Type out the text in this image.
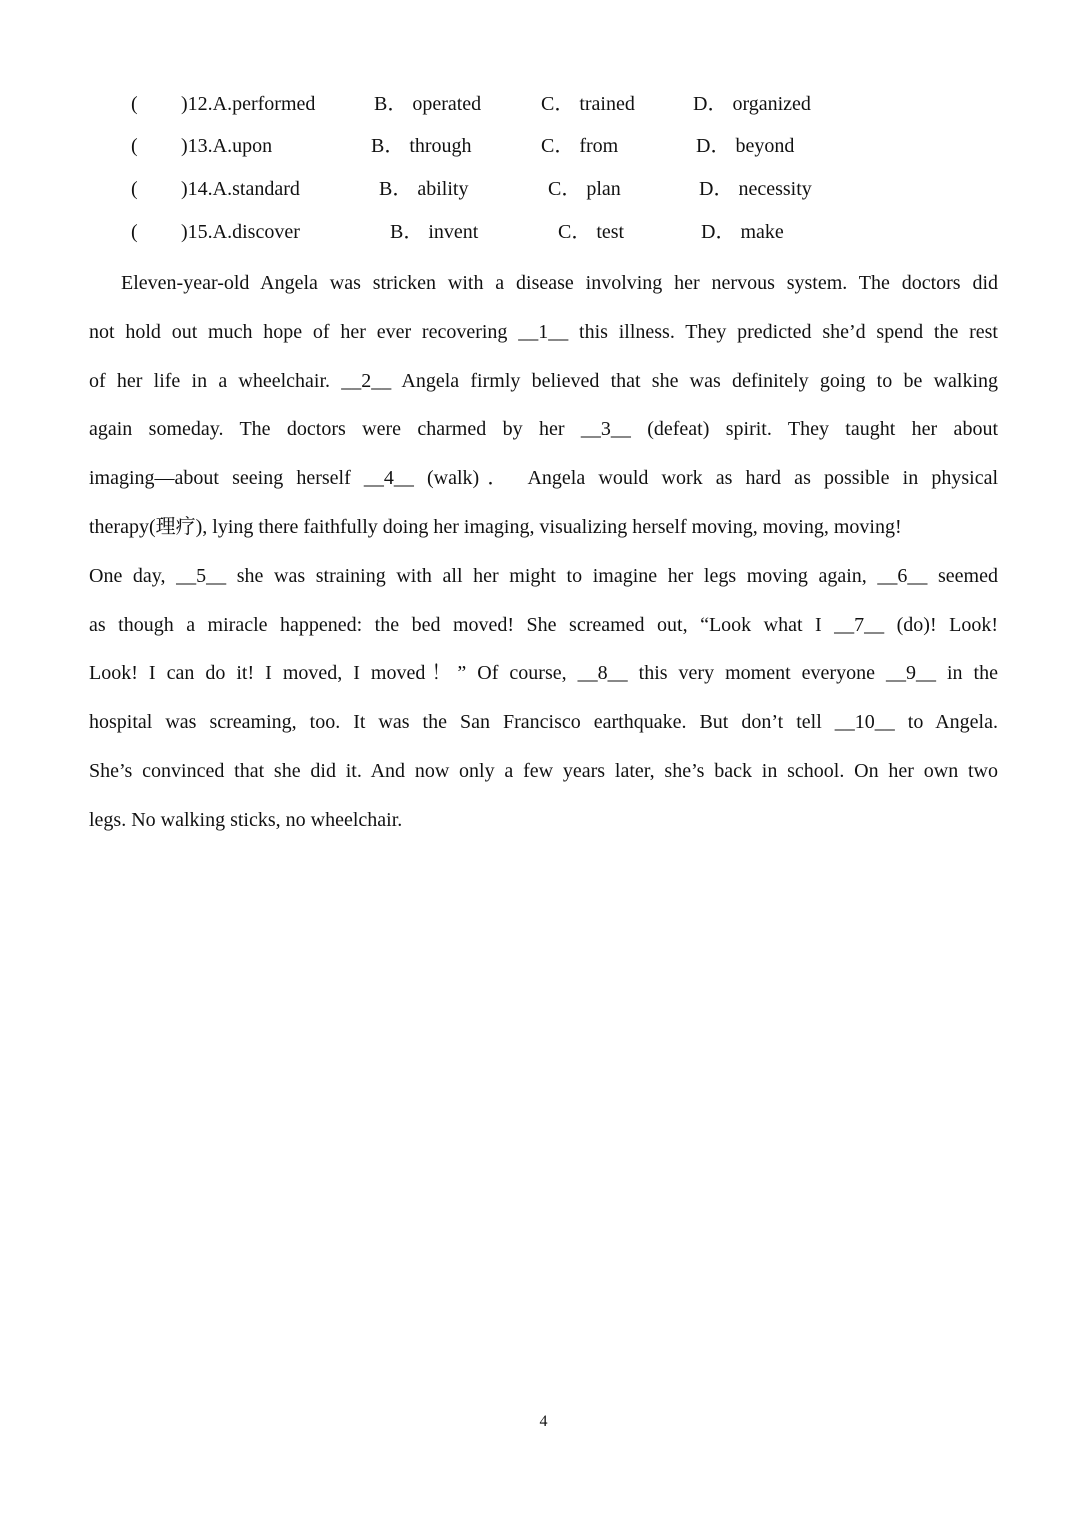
( )12.A.performed	B． operated	C． trained	D． organized
( )13.A.upon	B． through	C． from	D． beyond
( )14.A.standard	B． ability	C． plan	D． necessity
( )15.A.discover	B． invent	C． test	D． make
Eleven-year-old Angela was stricken with a disease involving her nervous system. The doctors did
not hold out much hope of her ever recovering __1__ this illness. They predicted she’d spend the rest
of her life in a wheelchair. __2__ Angela firmly believed that she was definitely going to be walking
again someday. The doctors were charmed by her __3__ (defeat) spirit. They taught her about
imaging—about seeing herself __4__ (walk)． Angela would work as hard as possible in physical
therapy(理疗), lying there faithfully doing her imaging, visualizing herself moving, moving, moving!
One day, __5__ she was straining with all her might to imagine her legs moving again, __6__ seemed
as though a miracle happened: the bed moved! She screamed out, “Look what I __7__ (do)! Look!
Look! I can do it! I moved, I moved！” Of course, __8__ this very moment everyone __9__ in the
hospital was screaming, too. It was the San Francisco earthquake. But don’t tell __10__ to Angela.
She’s convinced that she did it. And now only a few years later, she’s back in school. On her own two
legs. No walking sticks, no wheelchair.
4
